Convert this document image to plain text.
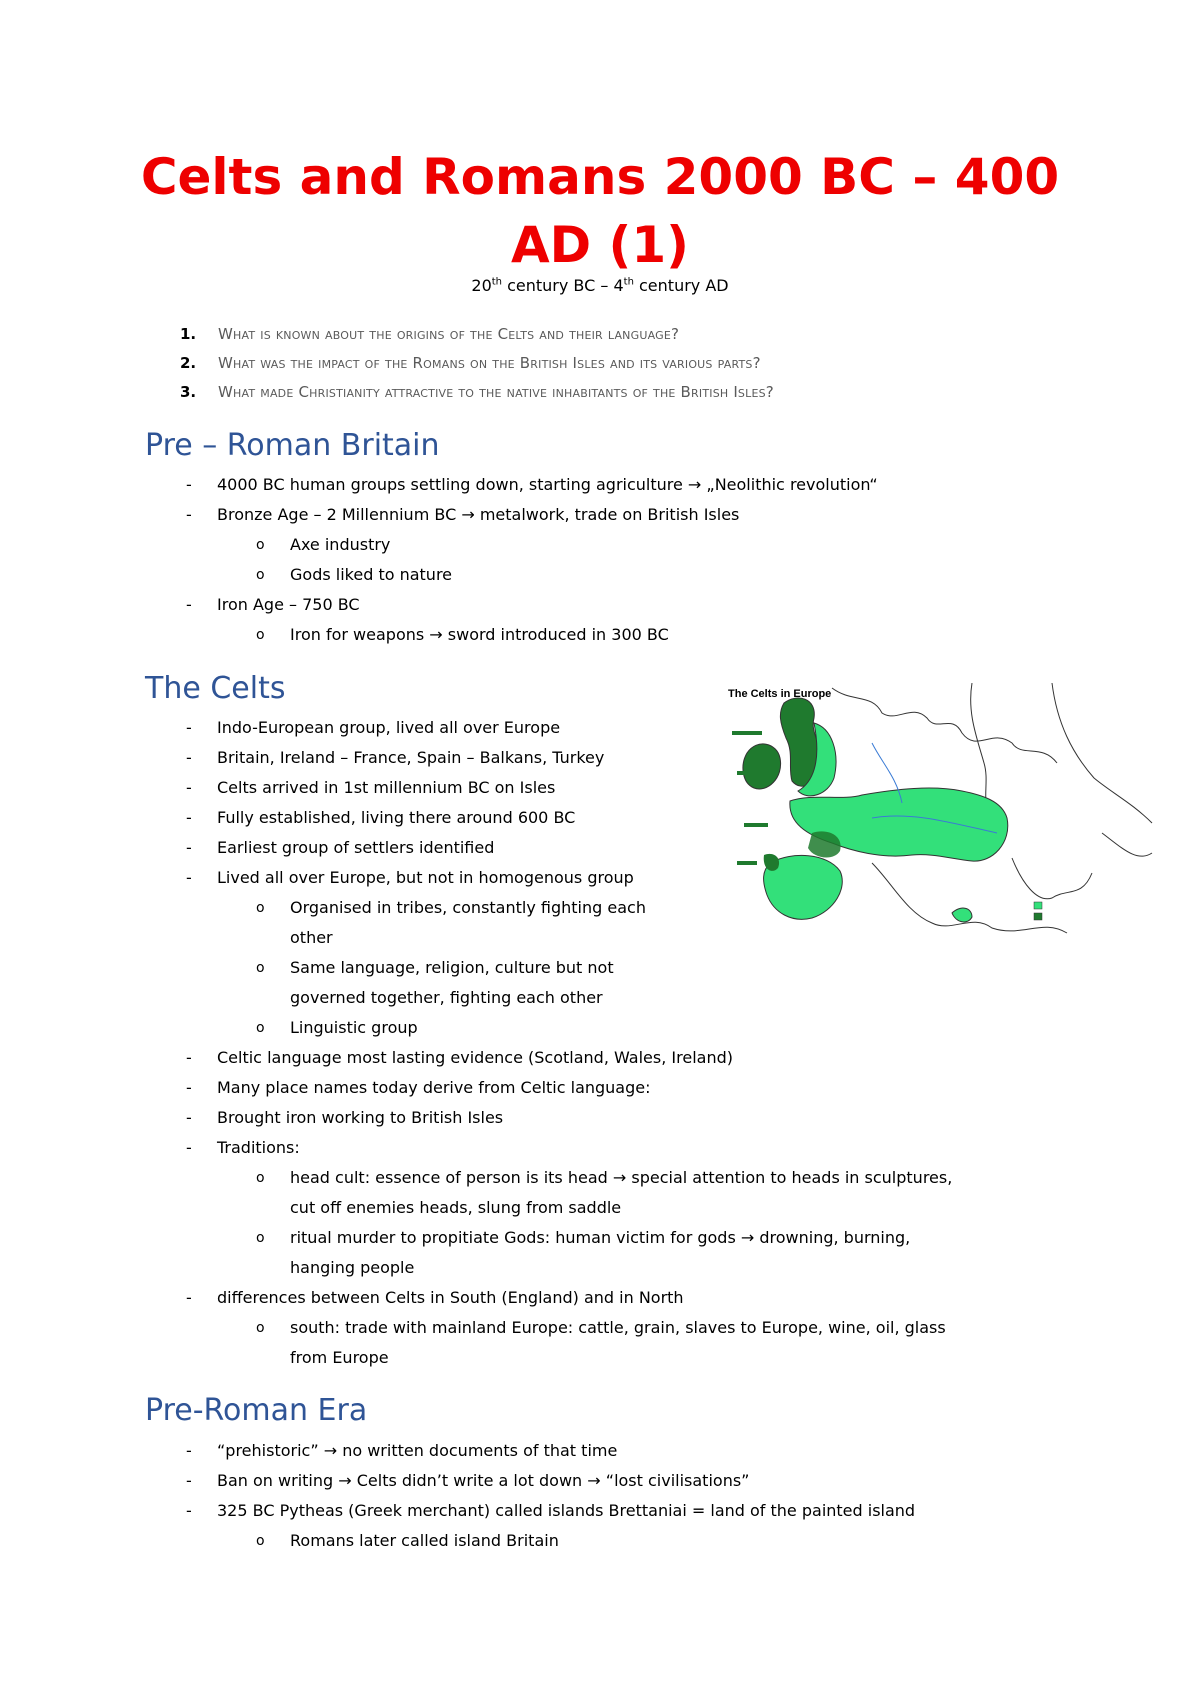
Celts and Romans 2000 BC – 400 AD (1)

20th century BC – 4th century AD

1. What is known about the origins of the Celts and their language?
2. What was the impact of the Romans on the British Isles and its various parts?
3. What made Christianity attractive to the native inhabitants of the British Isles?
Pre – Roman Britain
- 4000 BC human groups settling down, starting agriculture → „Neolithic revolution“
- Bronze Age – 2 Millennium BC → metalwork, trade on British Isles
o Axe industry
o Gods liked to nature
- Iron Age – 750 BC
o Iron for weapons → sword introduced in 300 BC
The Celts
- Indo-European group, lived all over Europe
- Britain, Ireland – France, Spain – Balkans, Turkey
- Celts arrived in 1st millennium BC on Isles
- Fully established, living there around 600 BC
- Earliest group of settlers identified
- Lived all over Europe, but not in homogenous group
o Organised in tribes, constantly fighting each
other
o Same language, religion, culture but not
governed together, fighting each other
o Linguistic group
- Celtic language most lasting evidence (Scotland, Wales, Ireland)
- Many place names today derive from Celtic language:
- Brought iron working to British Isles
- Traditions:
o head cult: essence of person is its head → special attention to heads in sculptures,
cut off enemies heads, slung from saddle
o ritual murder to propitiate Gods: human victim for gods → drowning, burning,
hanging people
- differences between Celts in South (England) and in North
o south: trade with mainland Europe: cattle, grain, slaves to Europe, wine, oil, glass
from Europe
Pre-Roman Era
- “prehistoric” → no written documents of that time
- Ban on writing → Celts didn’t write a lot down → “lost civilisations”
- 325 BC Pytheas (Greek merchant) called islands Brettaniai = land of the painted island
o Romans later called island Britain
The Celts in Europe
